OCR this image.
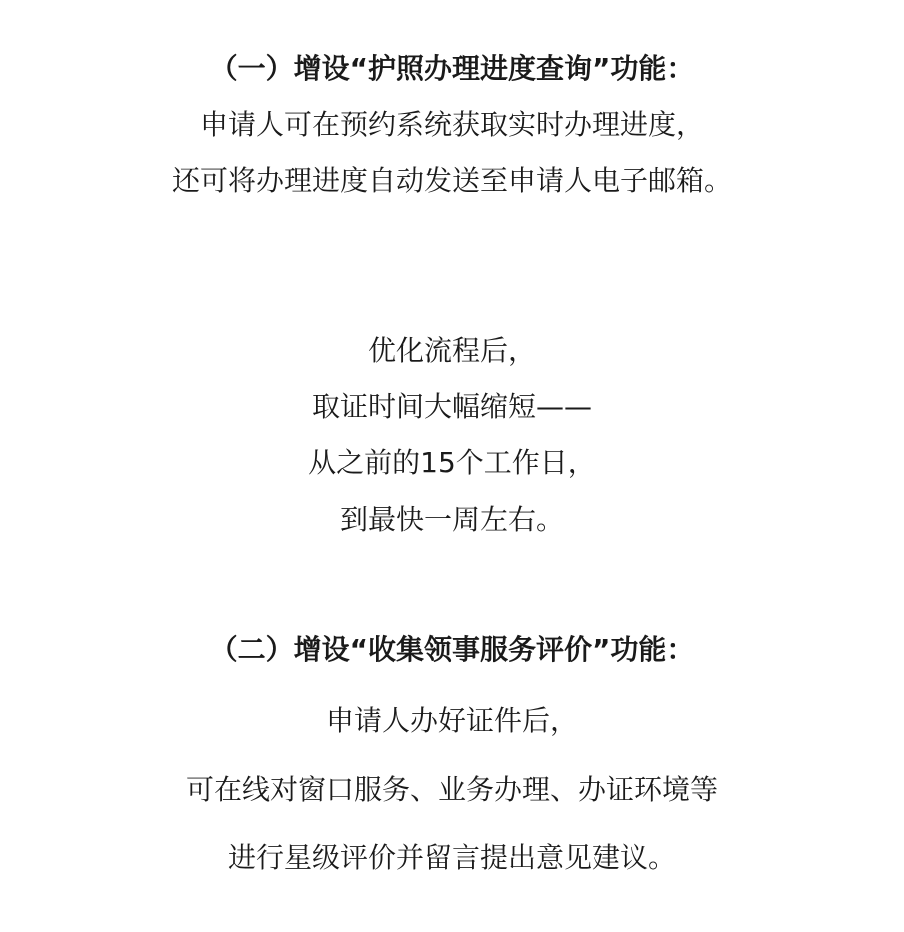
（一）增设“护照办理进度查询”功能：
申请人可在预约系统获取实时办理进度，
还可将办理进度自动发送至申请人电子邮箱。
优化流程后，
取证时间大幅缩短——
从之前的15个工作日，
到最快一周左右。
（二）增设“收集领事服务评价”功能：
申请人办好证件后，
可在线对窗口服务、业务办理、办证环境等
进行星级评价并留言提出意见建议。
